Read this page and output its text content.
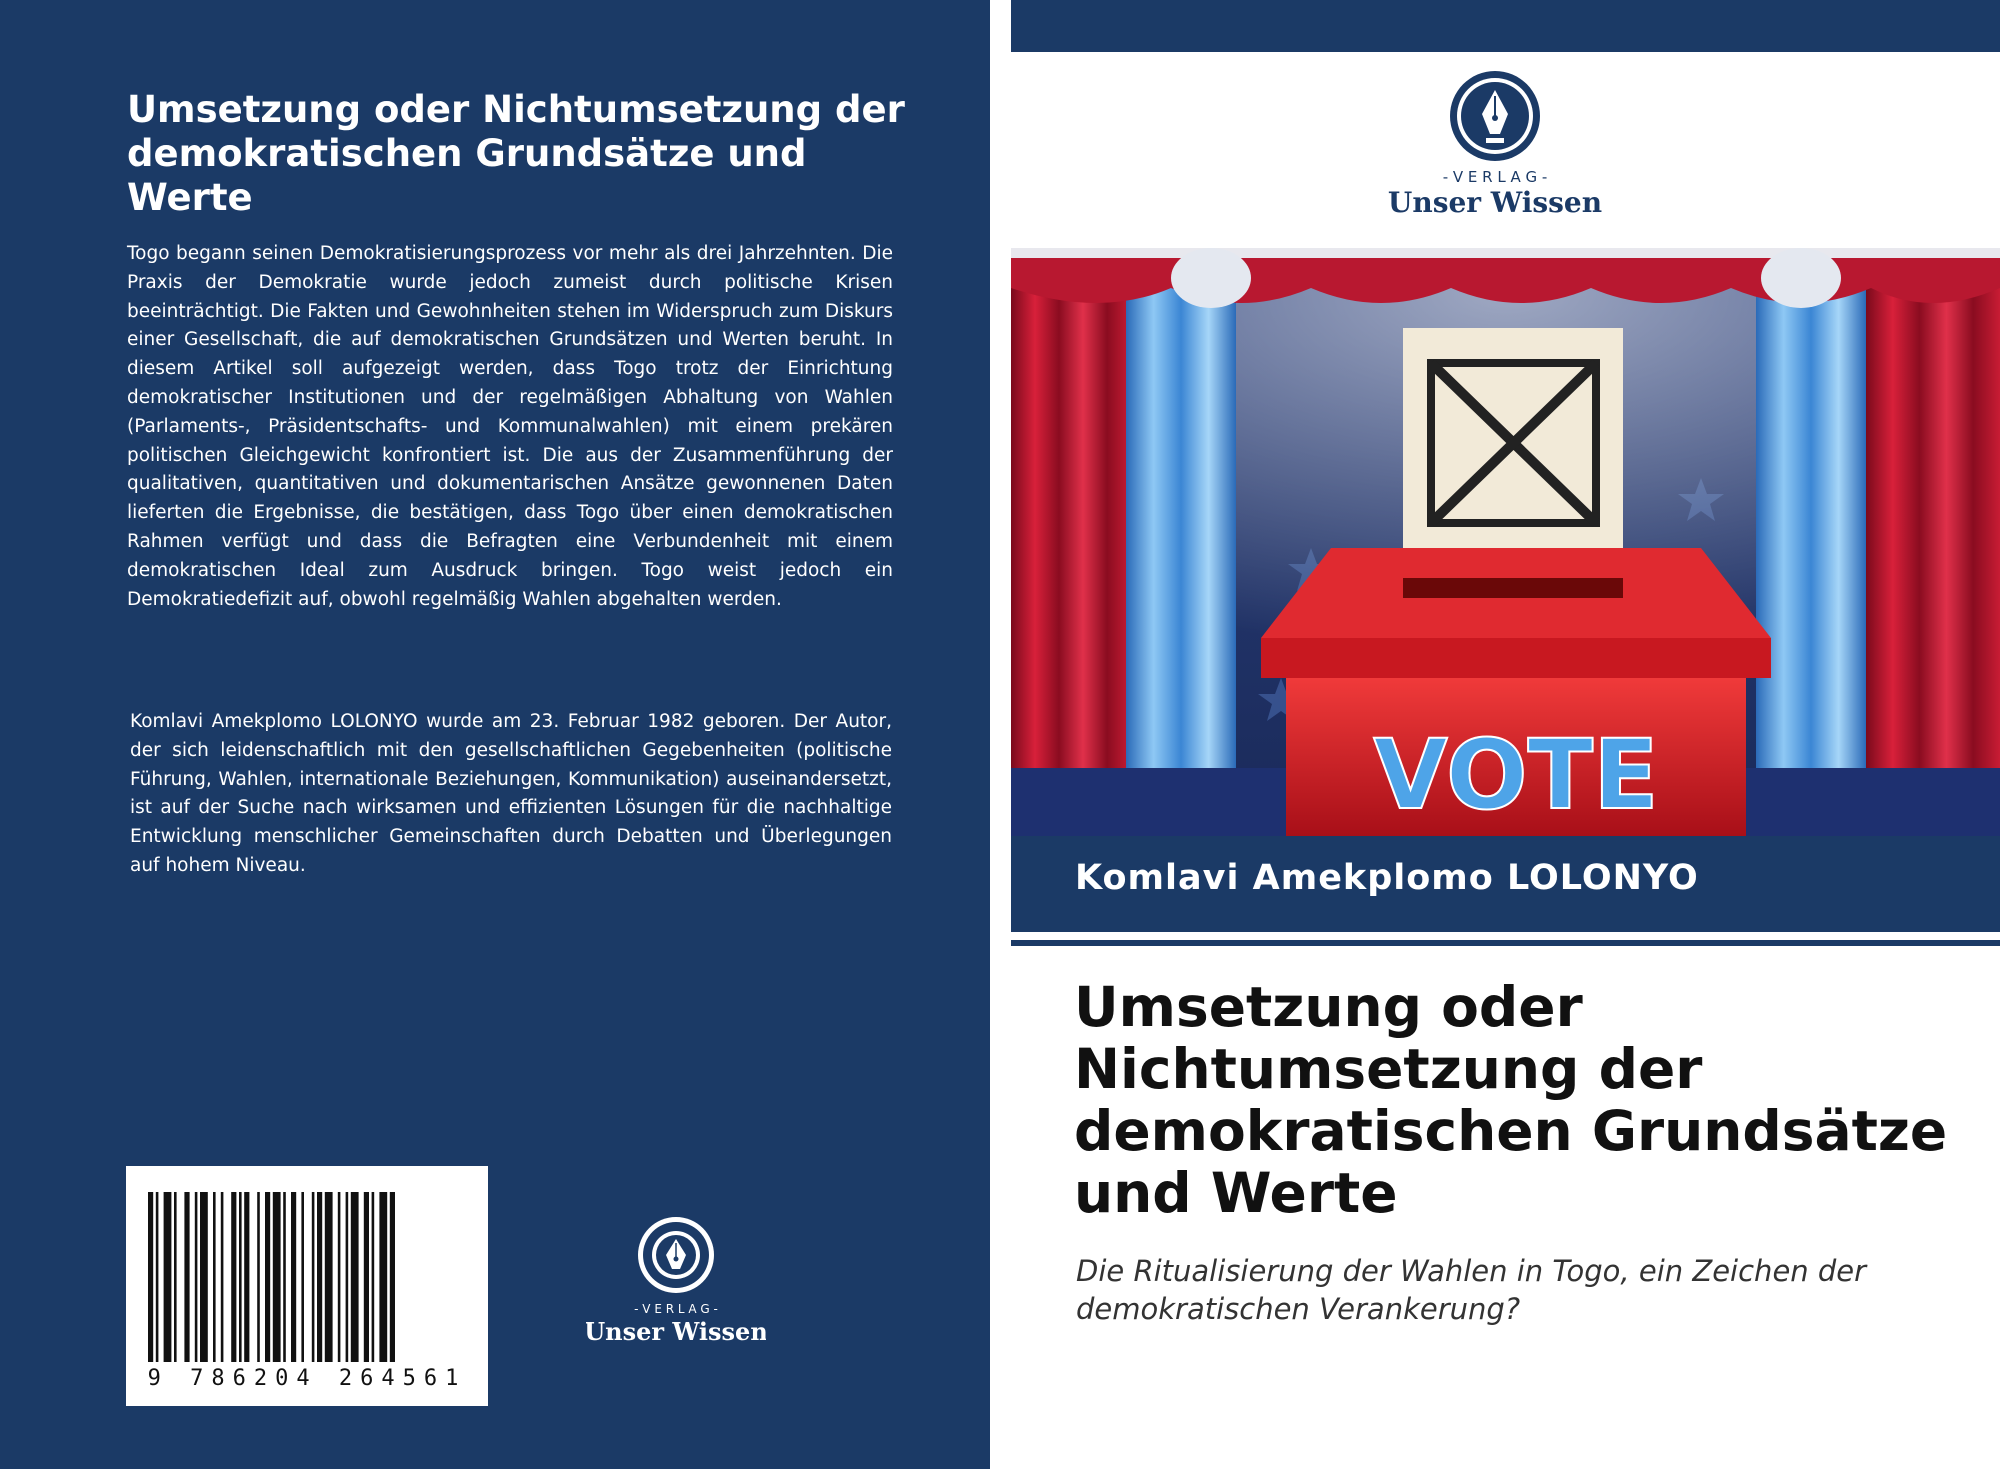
Umsetzung oder Nichtumsetzung der demokratischen Grundsätze und Werte

Togo begann seinen Demokratisierungsprozess vor mehr als drei Jahrzehnten. Die Praxis der Demokratie wurde jedoch zumeist durch politische Krisen beeinträchtigt. Die Fakten und Gewohnheiten stehen im Widerspruch zum Diskurs einer Gesellschaft, die auf demokratischen Grundsätzen und Werten beruht. In diesem Artikel soll aufgezeigt werden, dass Togo trotz der Einrichtung demokratischer Institutionen und der regelmäßigen Abhaltung von Wahlen (Parlaments-, Präsidentschafts- und Kommunalwahlen) mit einem prekären politischen Gleichgewicht konfrontiert ist. Die aus der Zusammenführung der qualitativen, quantitativen und dokumentarischen Ansätze gewonnenen Daten lieferten die Ergebnisse, die bestätigen, dass Togo über einen demokratischen Rahmen verfügt und dass die Befragten eine Verbundenheit mit einem demokratischen Ideal zum Ausdruck bringen. Togo weist jedoch ein Demokratiedefizit auf, obwohl regelmäßig Wahlen abgehalten werden.

Komlavi Amekplomo LOLONYO wurde am 23. Februar 1982 geboren. Der Autor, der sich leidenschaftlich mit den gesellschaftlichen Gegebenheiten (politische Führung, Wahlen, internationale Beziehungen, Kommunikation) auseinandersetzt, ist auf der Suche nach wirksamen und effizienten Lösungen für die nachhaltige Entwicklung menschlicher Gemeinschaften durch Debatten und Überlegungen auf hohem Niveau.

9 786204 264561
- V E R L A G -
Unser Wissen
- V E R L A G -
Unser Wissen
VOTE

Komlavi Amekplomo LOLONYO

Umsetzung oder Nichtumsetzung der demokratischen Grundsätze und Werte

Die Ritualisierung der Wahlen in Togo, ein Zeichen der demokratischen Verankerung?
